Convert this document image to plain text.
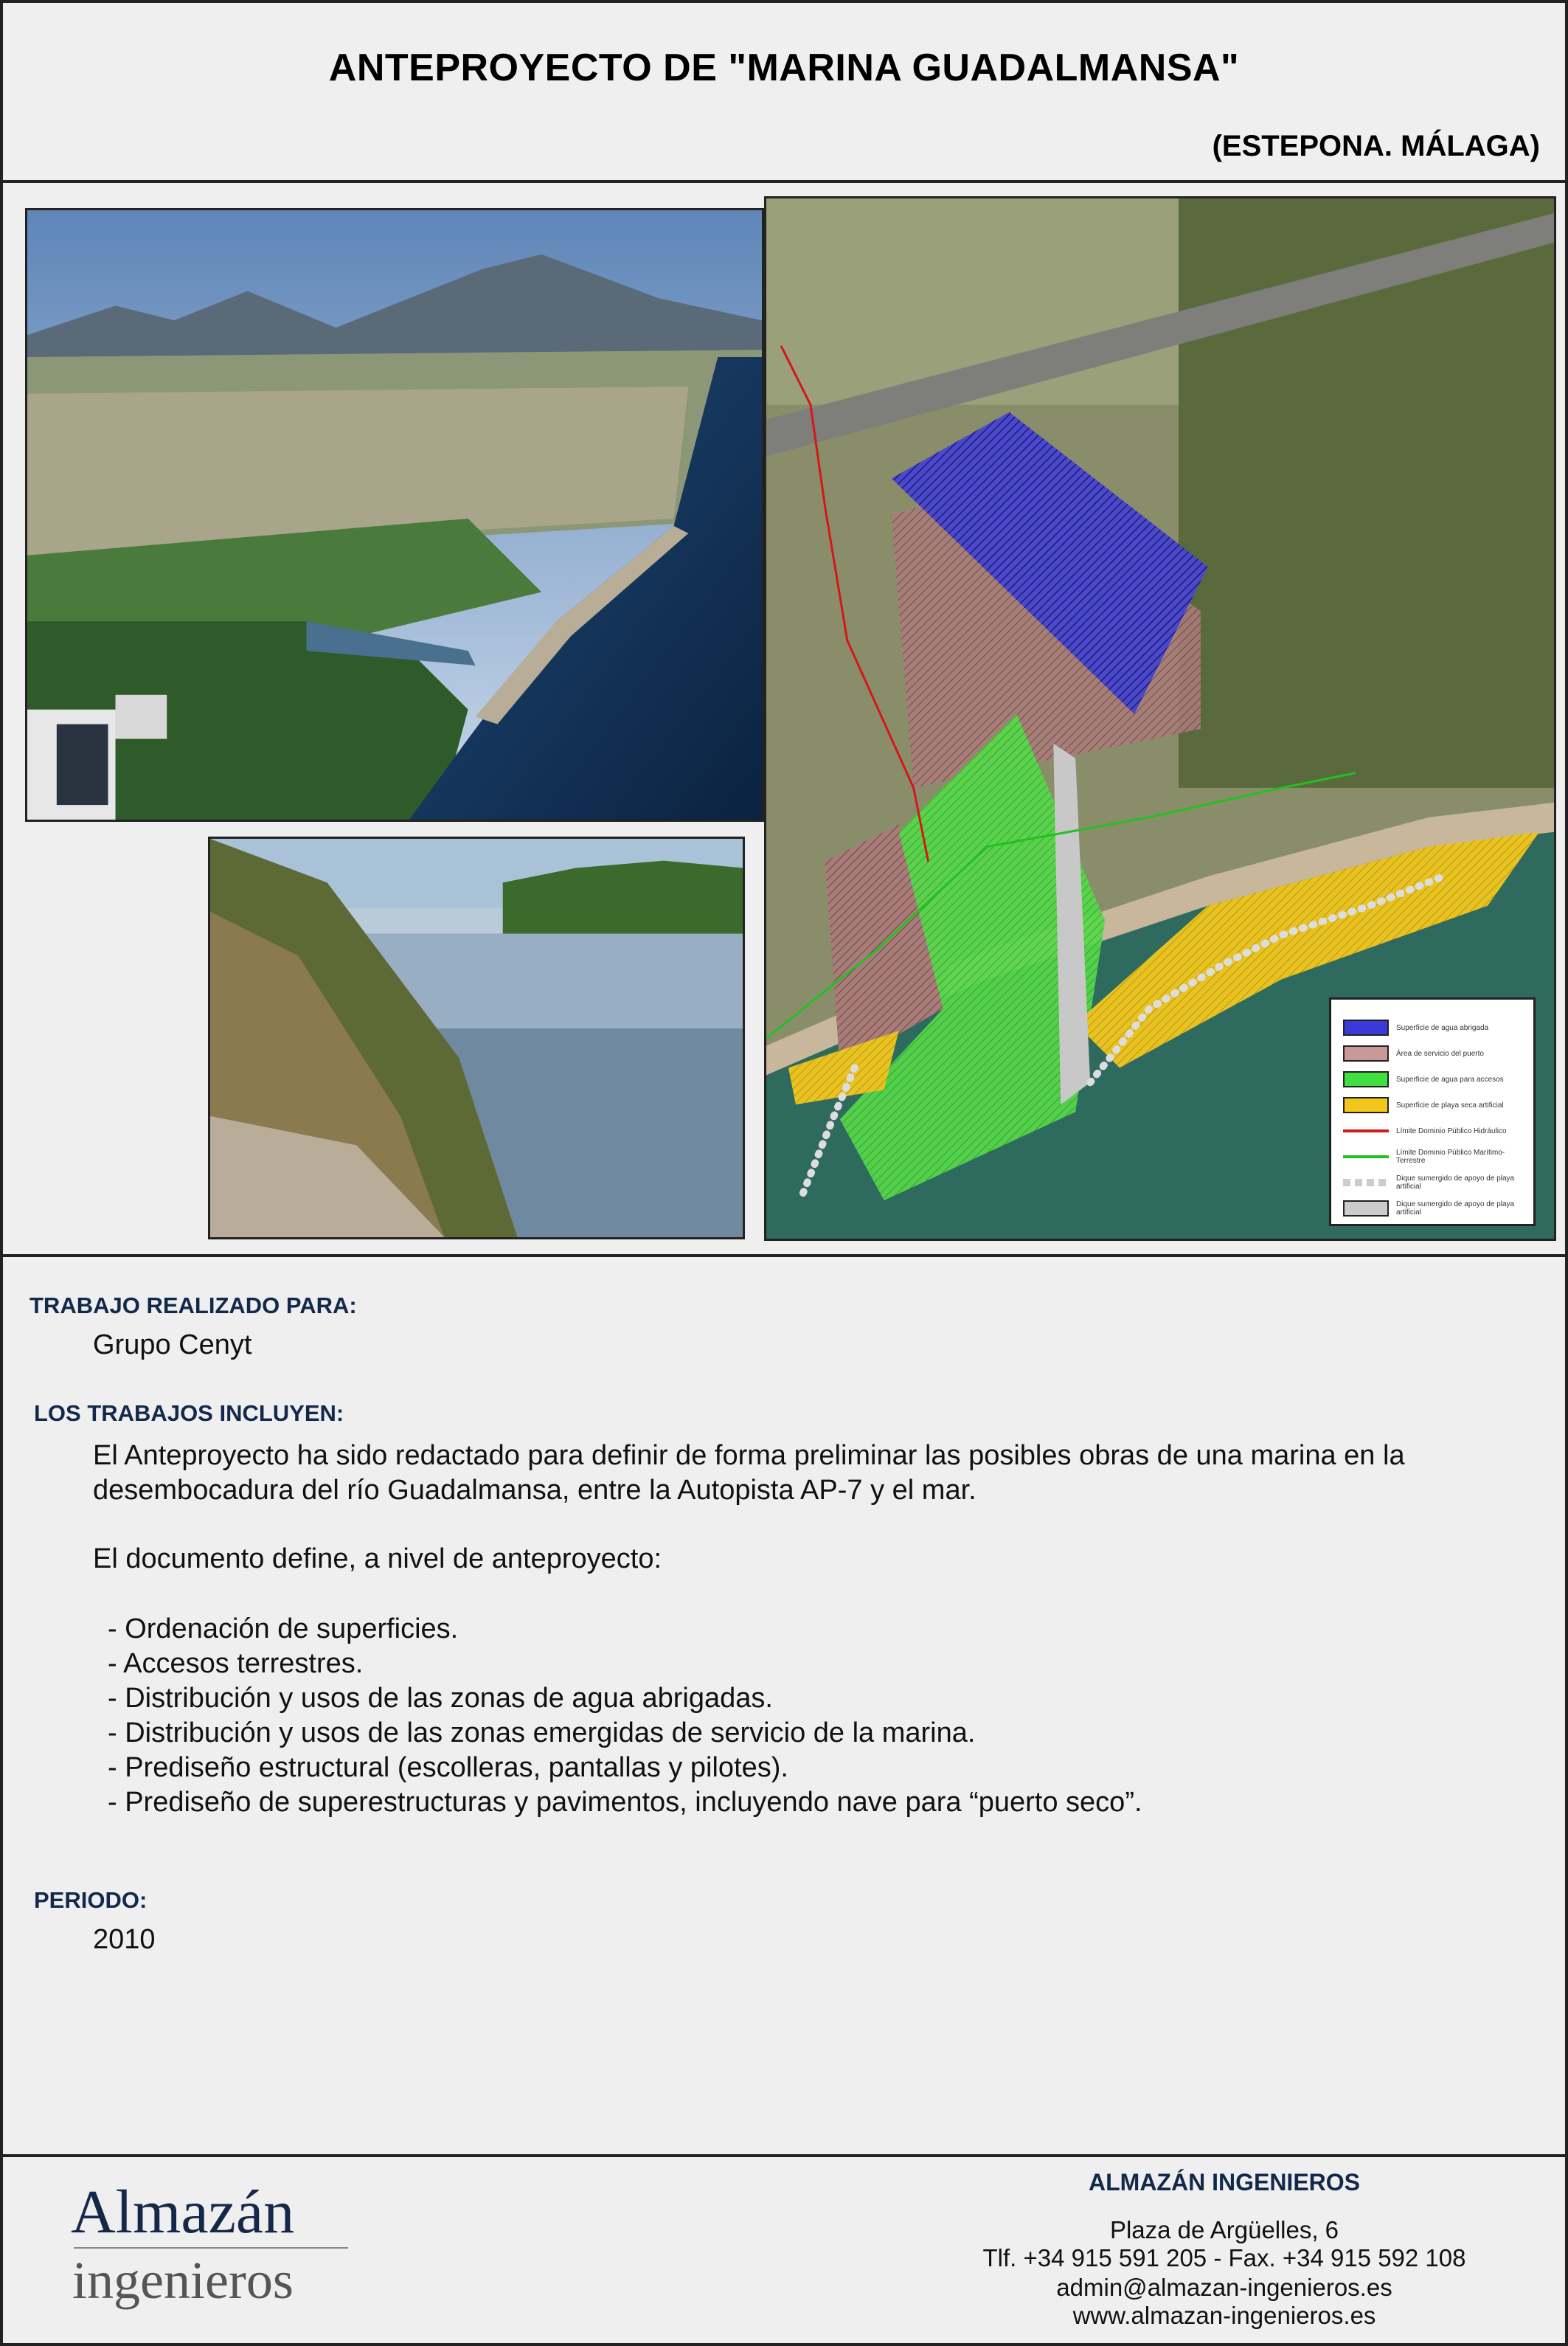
ANTEPROYECTO DE "MARINA GUADALMANSA"
(ESTEPONA. MÁLAGA)
Superficie de agua abrigada
Área de servicio del puerto
Superficie de agua para accesos
Superficie de playa seca artificial
Límite Dominio Público Hidráulico
Límite Dominio Público Marítimo-Terrestre
Dique sumergido de apoyo de playa artificial
Dique sumergido de apoyo de playa artificial
TRABAJO REALIZADO PARA:
Grupo Cenyt
LOS TRABAJOS INCLUYEN:
El Anteproyecto ha sido redactado para definir de forma preliminar las posibles obras de una marina en la
desembocadura del río Guadalmansa, entre la Autopista AP-7 y el mar.
El documento define, a nivel de anteproyecto:
- Ordenación de superficies.
- Accesos terrestres.
- Distribución y usos de las zonas de agua abrigadas.
- Distribución y usos de las zonas emergidas de servicio de la marina.
- Prediseño estructural (escolleras, pantallas y pilotes).
- Prediseño de superestructuras y pavimentos, incluyendo nave para “puerto seco”.
PERIODO:
2010
Almazán
ingenieros
ALMAZÁN INGENIEROS
Plaza de Argüelles, 6
Tlf. +34 915 591 205 - Fax. +34 915 592 108
admin@almazan-ingenieros.es
www.almazan-ingenieros.es
